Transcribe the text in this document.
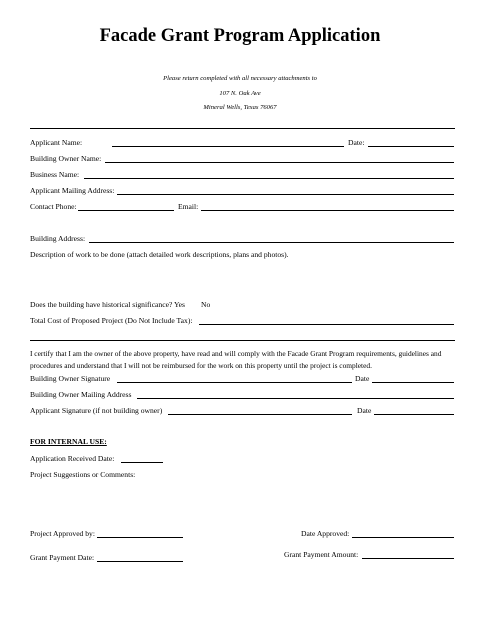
Facade Grant Program Application
Please return completed with all necessary attachments to
107 N. Oak Ave
Mineral Wells, Texas 76067
Applicant Name:	Date:
Building Owner Name:
Business Name:
Applicant Mailing Address:
Contact Phone:	Email:
Building Address:
Description of work to be done (attach detailed work descriptions, plans and photos).
Does the building have historical significance? Yes No
Total Cost of Proposed Project (Do Not Include Tax):
I certify that I am the owner of the above property, have read and will comply with the Facade Grant Program requirements, guidelines and procedures and understand that I will not be reimbursed for the work on this property until the project is completed.
Building Owner Signature	Date
Building Owner Mailing Address
Applicant Signature (if not building owner)	Date
FOR INTERNAL USE:
Application Received Date:
Project Suggestions or Comments:
Project Approved by:	Date Approved:
Grant Payment Date:	Grant Payment Amount:
